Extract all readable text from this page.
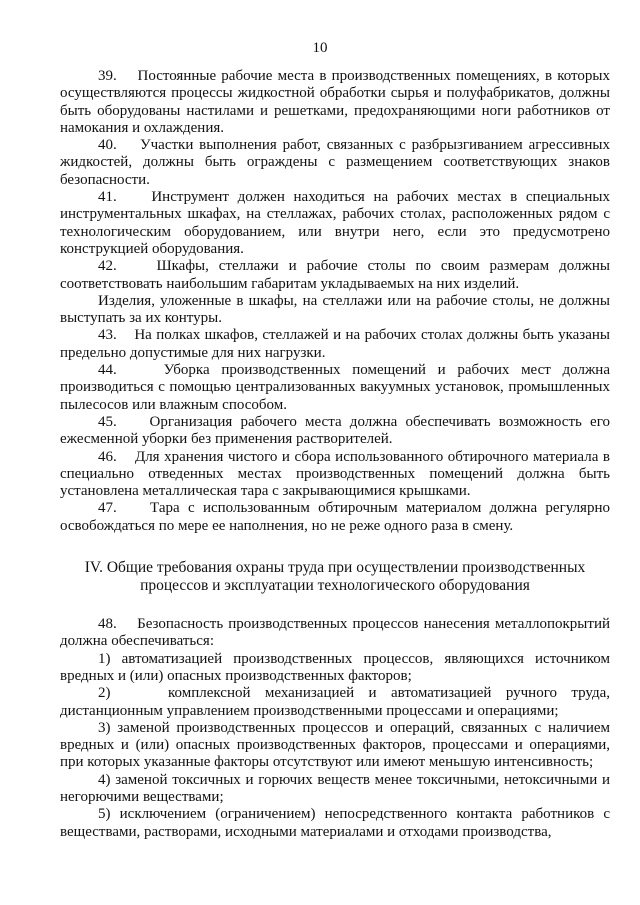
10

39.    Постоянные рабочие места в производственных помещениях, в которых осуществляются процессы жидкостной обработки сырья и полуфабрикатов, должны быть оборудованы настилами и решетками, предохраняющими ноги работников от намокания и охлаждения.

40.    Участки выполнения работ, связанных с разбрызгиванием агрессивных жидкостей, должны быть ограждены с размещением соответствующих знаков безопасности.

41.    Инструмент должен находиться на рабочих местах в специальных инструментальных шкафах, на стеллажах, рабочих столах, расположенных рядом с технологическим оборудованием, или внутри него, если это предусмотрено конструкцией оборудования.

42.    Шкафы, стеллажи и рабочие столы по своим размерам должны соответствовать наибольшим габаритам укладываемых на них изделий.

Изделия, уложенные в шкафы, на стеллажи или на рабочие столы, не должны выступать за их контуры.

43.    На полках шкафов, стеллажей и на рабочих столах должны быть указаны предельно допустимые для них нагрузки.

44.    Уборка производственных помещений и рабочих мест должна производиться с помощью централизованных вакуумных установок, промышленных пылесосов или влажным способом.

45.    Организация рабочего места должна обеспечивать возможность его ежесменной уборки без применения растворителей.

46.    Для хранения чистого и сбора использованного обтирочного материала в специально отведенных местах производственных помещений должна быть установлена металлическая тара с закрывающимися крышками.

47.    Тара с использованным обтирочным материалом должна регулярно освобождаться по мере ее наполнения, но не реже одного раза в смену.

IV. Общие требования охраны труда при осуществлении производственных
процессов и эксплуатации технологического оборудования

48.    Безопасность производственных процессов нанесения металлопокрытий должна обеспечиваться:

1) автоматизацией производственных процессов, являющихся источником вредных и (или) опасных производственных факторов;

2)    комплексной механизацией и автоматизацией ручного труда, дистанционным управлением производственными процессами и операциями;

3) заменой производственных процессов и операций, связанных с наличием вредных и (или) опасных производственных факторов, процессами и операциями, при которых указанные факторы отсутствуют или имеют меньшую интенсивность;

4) заменой токсичных и горючих веществ менее токсичными, нетоксичными и негорючими веществами;

5) исключением (ограничением) непосредственного контакта работников с веществами, растворами, исходными материалами и отходами производства,
